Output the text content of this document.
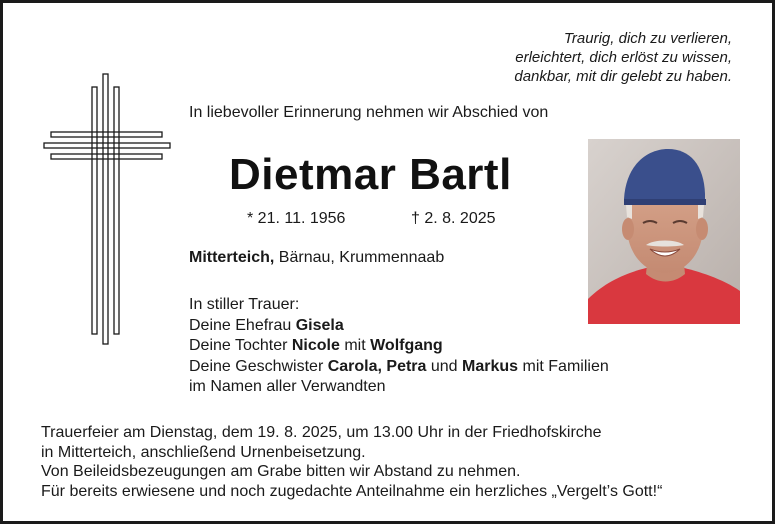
Traurig, dich zu verlieren,
erleichtert, dich erlöst zu wissen,
dankbar, mit dir gelebt zu haben.
In liebevoller Erinnerung nehmen wir Abschied von
Dietmar Bartl
* 21. 11. 1956	† 2. 8. 2025
Mitterteich, Bärnau, Krummennaab
In stiller Trauer:
Deine Ehefrau Gisela
Deine Tochter Nicole mit Wolfgang
Deine Geschwister Carola, Petra und Markus mit Familien
im Namen aller Verwandten
Trauerfeier am Dienstag, dem 19. 8. 2025, um 13.00 Uhr in der Friedhofskirche
in Mitterteich, anschließend Urnenbeisetzung.
Von Beileidsbezeugungen am Grabe bitten wir Abstand zu nehmen.
Für bereits erwiesene und noch zugedachte Anteilnahme ein herzliches „Vergelt’s Gott!“
